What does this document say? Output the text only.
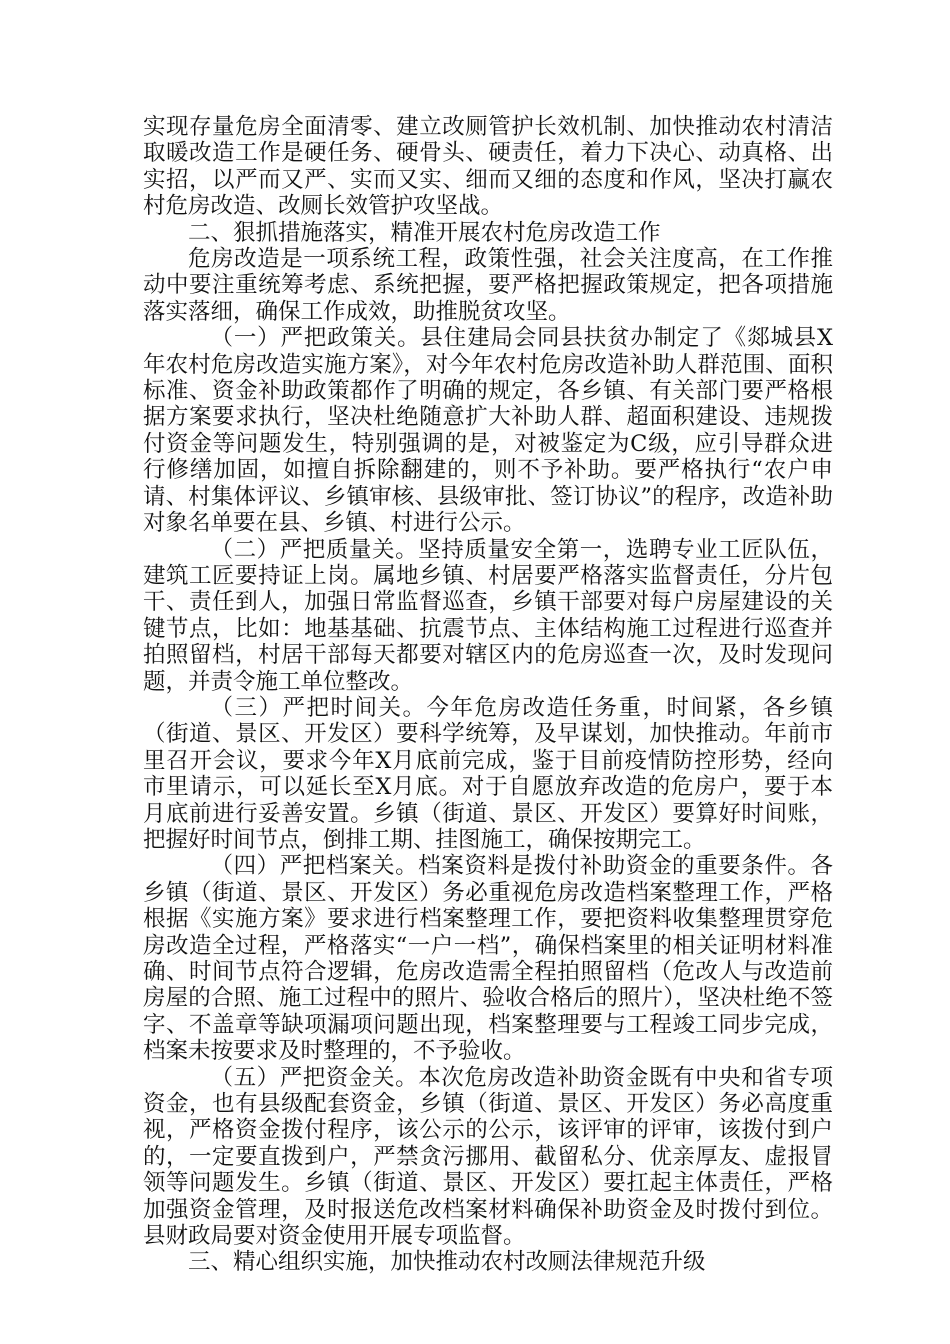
实现存量危房全面清零、建立改厕管护长效机制、加快推动农村清洁取暖改造工作是硬任务、硬骨头、硬责任，着力下决心、动真格、出实招，以严而又严、实而又实、细而又细的态度和作风，坚决打赢农村危房改造、改厕长效管护攻坚战。

二、狠抓措施落实，精准开展农村危房改造工作

危房改造是一项系统工程，政策性强，社会关注度高，在工作推动中要注重统筹考虑、系统把握，要严格把握政策规定，把各项措施落实落细，确保工作成效，助推脱贫攻坚。

（一）严把政策关。县住建局会同县扶贫办制定了《郯城县X年农村危房改造实施方案》，对今年农村危房改造补助人群范围、面积标准、资金补助政策都作了明确的规定，各乡镇、有关部门要严格根据方案要求执行，坚决杜绝随意扩大补助人群、超面积建设、违规拨付资金等问题发生，特别强调的是，对被鉴定为C级，应引导群众进行修缮加固，如擅自拆除翻建的，则不予补助。要严格执行“农户申请、村集体评议、乡镇审核、县级审批、签订协议”的程序，改造补助对象名单要在县、乡镇、村进行公示。

（二）严把质量关。坚持质量安全第一，选聘专业工匠队伍，建筑工匠要持证上岗。属地乡镇、村居要严格落实监督责任，分片包干、责任到人，加强日常监督巡查，乡镇干部要对每户房屋建设的关键节点，比如：地基基础、抗震节点、主体结构施工过程进行巡查并拍照留档，村居干部每天都要对辖区内的危房巡查一次，及时发现问题，并责令施工单位整改。

（三）严把时间关。今年危房改造任务重，时间紧，各乡镇（街道、景区、开发区）要科学统筹，及早谋划，加快推动。年前市里召开会议，要求今年X月底前完成，鉴于目前疫情防控形势，经向市里请示，可以延长至X月底。对于自愿放弃改造的危房户，要于本月底前进行妥善安置。乡镇（街道、景区、开发区）要算好时间账，把握好时间节点，倒排工期、挂图施工，确保按期完工。

（四）严把档案关。档案资料是拨付补助资金的重要条件。各乡镇（街道、景区、开发区）务必重视危房改造档案整理工作，严格根据《实施方案》要求进行档案整理工作，要把资料收集整理贯穿危房改造全过程，严格落实“一户一档”，确保档案里的相关证明材料准确、时间节点符合逻辑，危房改造需全程拍照留档（危改人与改造前房屋的合照、施工过程中的照片、验收合格后的照片），坚决杜绝不签字、不盖章等缺项漏项问题出现，档案整理要与工程竣工同步完成，档案未按要求及时整理的，不予验收。

（五）严把资金关。本次危房改造补助资金既有中央和省专项资金，也有县级配套资金，乡镇（街道、景区、开发区）务必高度重视，严格资金拨付程序，该公示的公示，该评审的评审，该拨付到户的，一定要直拨到户，严禁贪污挪用、截留私分、优亲厚友、虚报冒领等问题发生。乡镇（街道、景区、开发区）要扛起主体责任，严格加强资金管理，及时报送危改档案材料确保补助资金及时拨付到位。县财政局要对资金使用开展专项监督。

三、精心组织实施，加快推动农村改厕法律规范升级
